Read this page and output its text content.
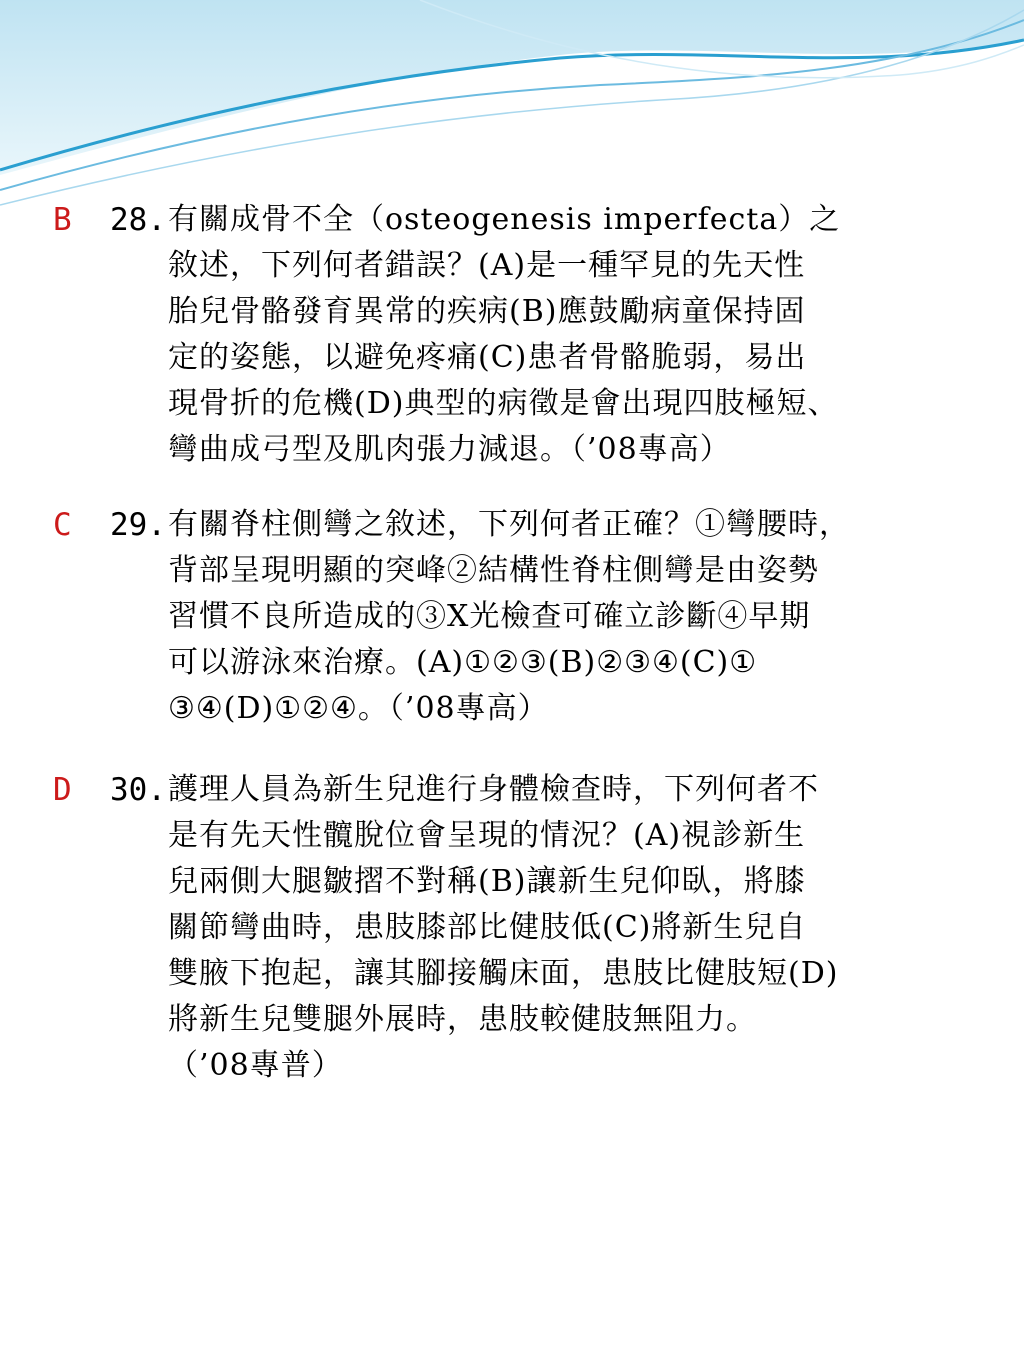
B 28. 有關成骨不全（osteogenesis imperfecta）之
敘述，下列何者錯誤？(A)是一種罕見的先天性
胎兒骨骼發育異常的疾病(B)應鼓勵病童保持固
定的姿態，以避免疼痛(C)患者骨骼脆弱，易出
現骨折的危機(D)典型的病徵是會出現四肢極短、
彎曲成弓型及肌肉張力減退。（’08專高）
C 29. 有關脊柱側彎之敘述，下列何者正確？①彎腰時，
背部呈現明顯的突峰②結構性脊柱側彎是由姿勢
習慣不良所造成的③X光檢查可確立診斷④早期
可以游泳來治療。(A)①②③(B)②③④(C)①
③④(D)①②④。（’08專高）
D 30. 護理人員為新生兒進行身體檢查時，下列何者不
是有先天性髖脫位會呈現的情況？(A)視診新生
兒兩側大腿皺摺不對稱(B)讓新生兒仰臥，將膝
關節彎曲時，患肢膝部比健肢低(C)將新生兒自
雙腋下抱起，讓其腳接觸床面，患肢比健肢短(D)
將新生兒雙腿外展時，患肢較健肢無阻力。
（’08專普）
